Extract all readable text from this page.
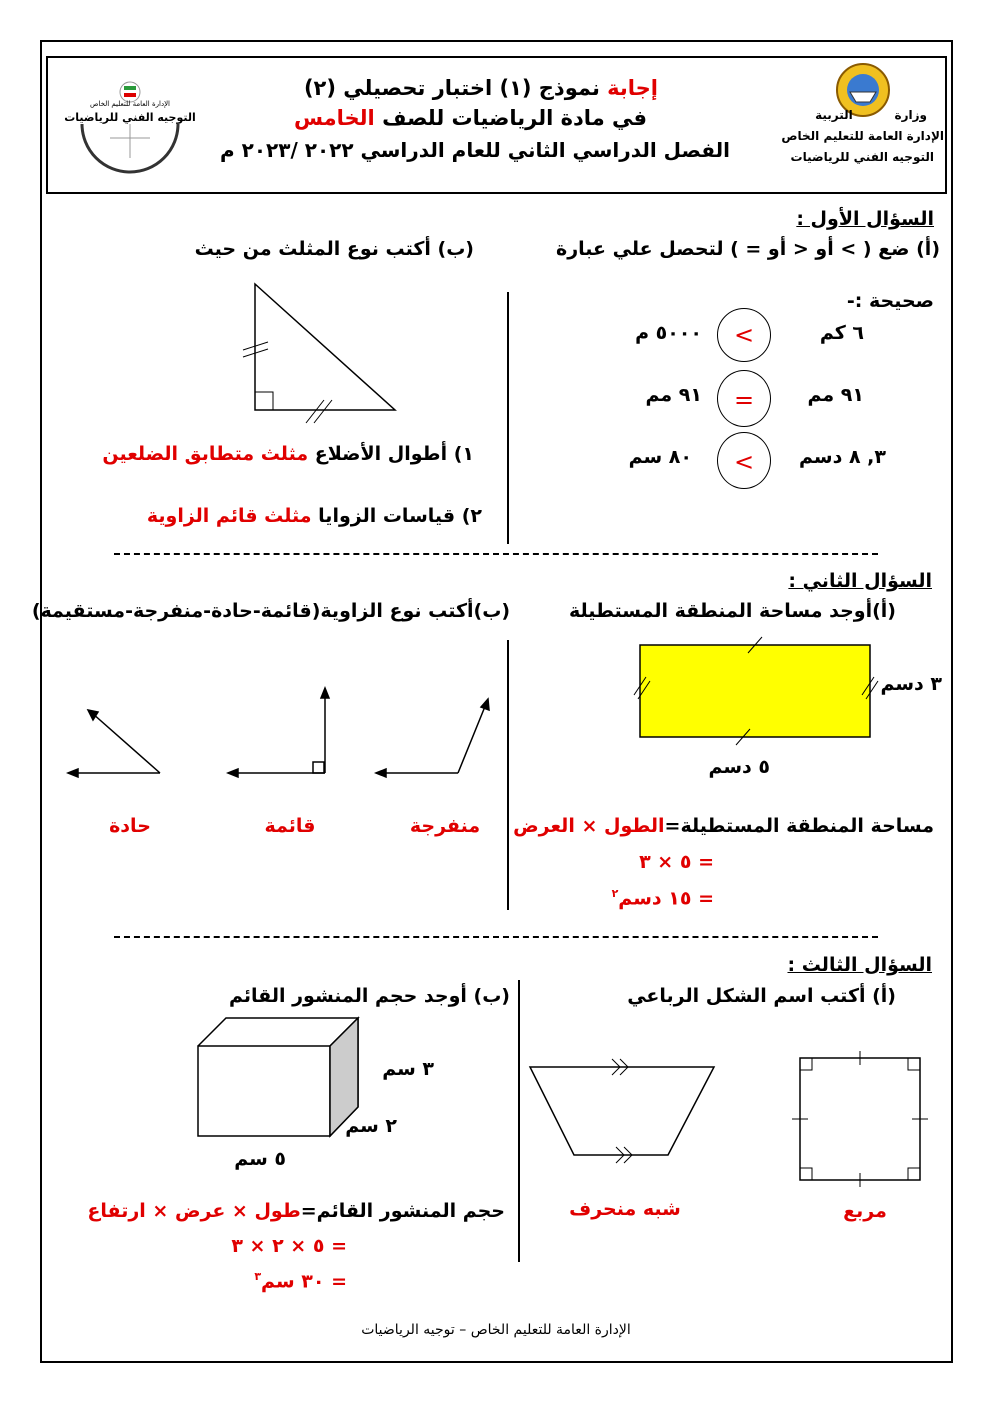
إجابة نموذج (١) اختبار تحصيلي (٢)
في مادة الرياضيات للصف الخامس
الفصل الدراسي الثاني للعام الدراسي ٢٠٢٢ /٢٠٢٣ م
وزارة          التربية
الإدارة العامة للتعليم الخاص
التوجيه الفني للرياضيات
الإدارة العامة للتعليم الخاص
التوجيه الفني للرياضيات
السؤال الأول :
(أ) ضع ( > أو < أو = ) لتحصل علي عبارة
صحيحة :-
٦ كم
٩١ مم
٣, ٨ دسم
٥٠٠٠ م
٩١ مم
٨٠ سم
<
=
<
(ب) أكتب نوع المثلث من حيث
١) أطوال الأضلاع مثلث متطابق الضلعين
٢) قياسات الزوايا مثلث قائم الزاوية
السؤال الثاني :
(أ)أوجد مساحة المنطقة المستطيلة
٣ دسم
٥ دسم
مساحة المنطقة المستطيلة=الطول × العرض
= ٥ × ٣
= ١٥ دسم$^٢$
(ب)أكتب نوع الزاوية(قائمة-حادة-منفرجة-مستقيمة)
منفرجة
قائمة
حادة
السؤال الثالث :
(أ) أكتب اسم الشكل الرباعي
مربع
شبه منحرف
(ب) أوجد حجم المنشور القائم
٣ سم
٢ سم
٥ سم
حجم المنشور القائم=طول × عرض × ارتفاع
= ٥ × ٢ × ٣
= ٣٠ سم$^٣$
الإدارة العامة للتعليم الخاص – توجيه الرياضيات
